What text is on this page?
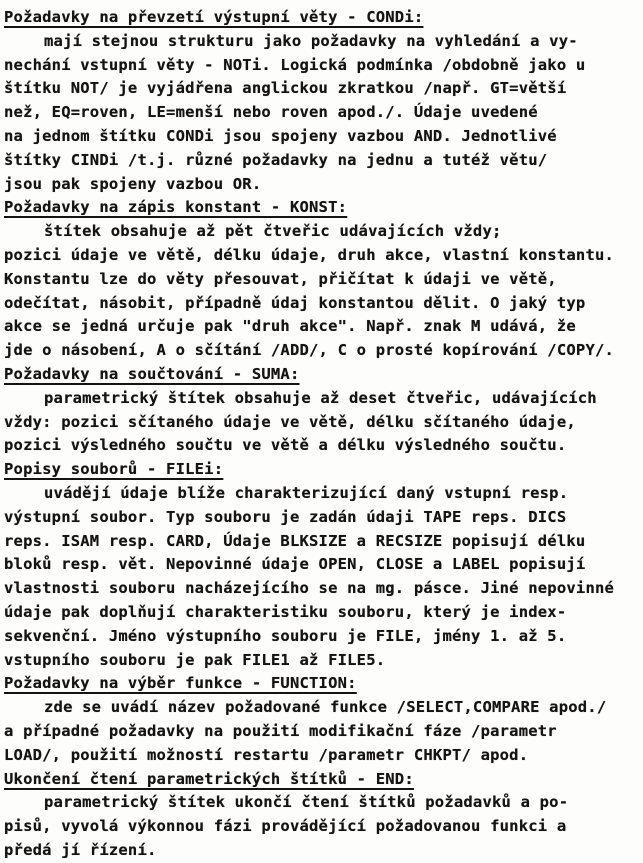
Požadavky na převzetí výstupní věty - CONDi:
mají stejnou strukturu jako požadavky na vyhledání a vy-
nechání vstupní věty - NOTi. Logická podmínka /obdobně jako u
štítku NOT/ je vyjádřena anglickou zkratkou /např. GT=větší
než, EQ=roven, LE=menší nebo roven apod./. Údaje uvedené
na jednom štítku CONDi jsou spojeny vazbou AND. Jednotlivé
štítky CINDi /t.j. různé požadavky na jednu a tutéž větu/
jsou pak spojeny vazbou OR.
Požadavky na zápis konstant - KONST:
štítek obsahuje až pět čtveřic udávajících vždy;
pozici údaje ve větě, délku údaje, druh akce, vlastní konstantu.
Konstantu lze do věty přesouvat, přičítat k údaji ve větě,
odečítat, násobit, případně údaj konstantou dělit. O jaký typ
akce se jedná určuje pak "druh akce". Např. znak M udává, že
jde o násobení, A o sčítání /ADD/, C o prosté kopírování /COPY/.
Požadavky na součtování - SUMA:
parametrický štítek obsahuje až deset čtveřic, udávajících
vždy: pozici sčítaného údaje ve větě, délku sčítaného údaje,
pozici výsledného součtu ve větě a délku výsledného součtu.
Popisy souborů - FILEi:
uvádějí údaje blíže charakterizující daný vstupní resp.
výstupní soubor. Typ souboru je zadán údaji TAPE reps. DICS
reps. ISAM resp. CARD, Údaje BLKSIZE a RECSIZE popisují délku
bloků resp. vět. Nepovinné údaje OPEN, CLOSE a LABEL popisují
vlastnosti souboru nacházejícího se na mg. pásce. Jiné nepovinné
údaje pak doplňují charakteristiku souboru, který je index-
sekvenční. Jméno výstupního souboru je FILE, jmény 1. až 5.
vstupního souboru je pak FILE1 až FILE5.
Požadavky na výběr funkce - FUNCTION:
zde se uvádí název požadované funkce /SELECT,COMPARE apod./
a případné požadavky na použití modifikační fáze /parametr
LOAD/, použití možností restartu /parametr CHKPT/ apod.
Ukončení čtení parametrických štítků - END:
parametrický štítek ukončí čtení štítků požadavků a po-
pisů, vyvolá výkonnou fázi provádějící požadovanou funkci a
předá jí řízení.
